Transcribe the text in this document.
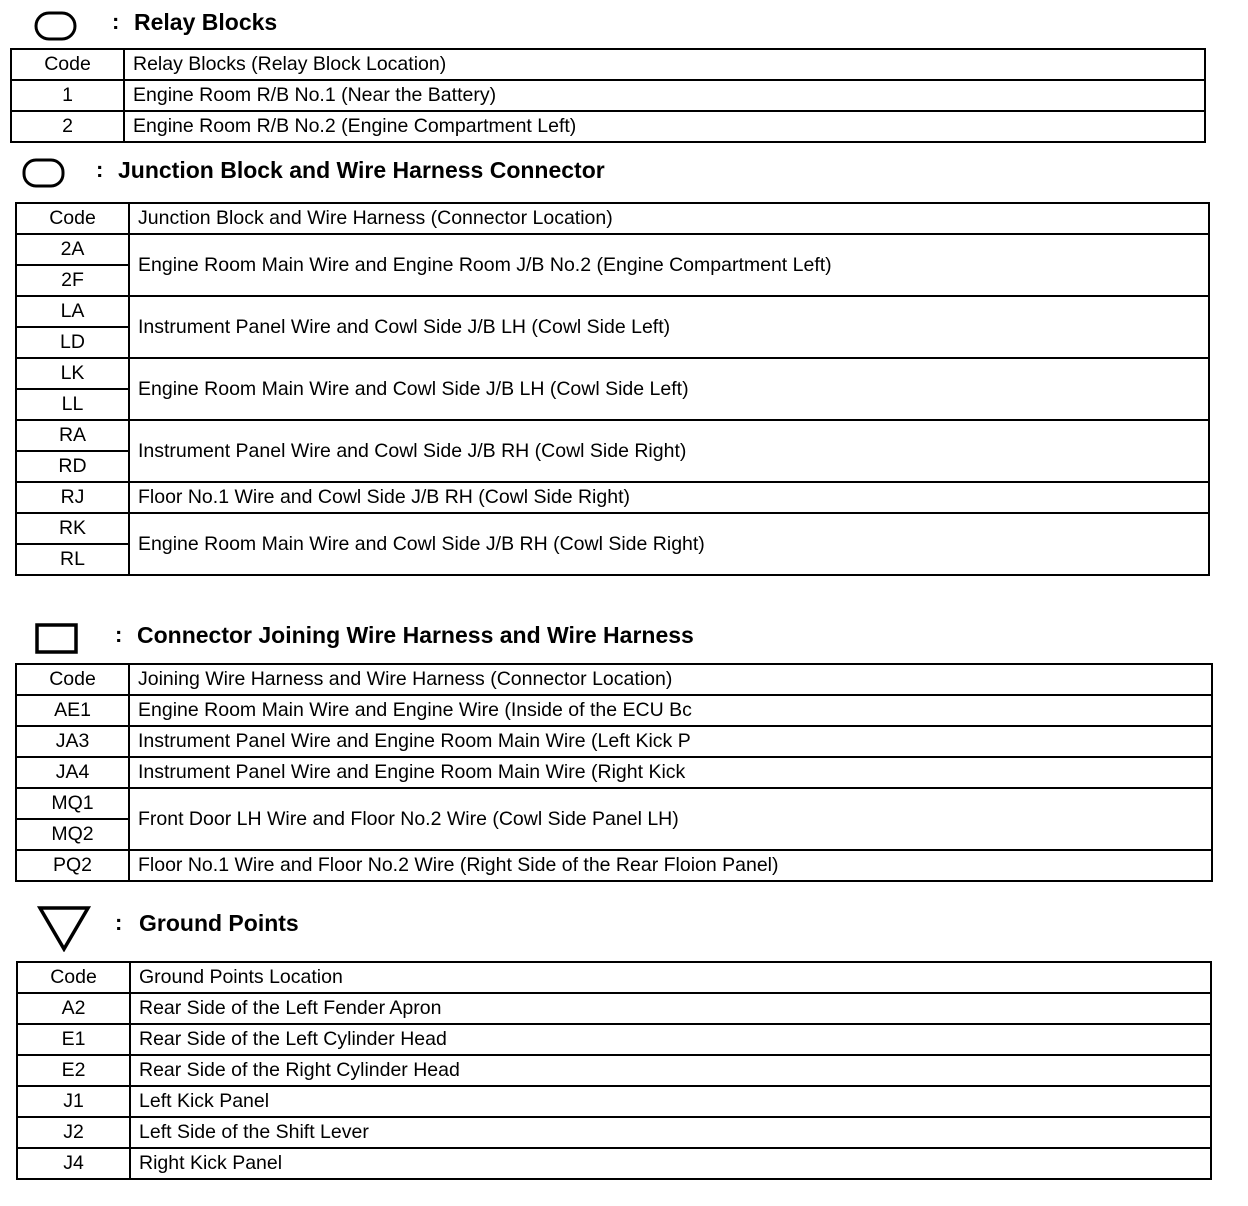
: Relay Blocks
Code	Relay Blocks (Relay Block Location)
1	Engine Room R/B No.1 (Near the Battery)
2	Engine Room R/B No.2 (Engine Compartment Left)
: Junction Block and Wire Harness Connector
Code	Junction Block and Wire Harness (Connector Location)
2A	Engine Room Main Wire and Engine Room J/B No.2 (Engine Compartment Left)
2F	
LA	Instrument Panel Wire and Cowl Side J/B LH (Cowl Side Left)
LD	
LK	Engine Room Main Wire and Cowl Side J/B LH (Cowl Side Left)
LL	
RA	Instrument Panel Wire and Cowl Side J/B RH (Cowl Side Right)
RD	
RJ	Floor No.1 Wire and Cowl Side J/B RH (Cowl Side Right)
RK	Engine Room Main Wire and Cowl Side J/B RH (Cowl Side Right)
RL	
: Connector Joining Wire Harness and Wire Harness
Code	Joining Wire Harness and Wire Harness (Connector Location)
AE1	Engine Room Main Wire and Engine Wire (Inside of the ECU Bc

JA3	Instrument Panel Wire and Engine Room Main Wire (Left Kick P

JA4	Instrument Panel Wire and Engine Room Main Wire (Right Kick

MQ1	Front Door LH Wire and Floor No.2 Wire (Cowl Side Panel LH)
MQ2	
PQ2	Floor No.1 Wire and Floor No.2 Wire (Right Side of the Rear Floion Panel)
: Ground Points
Code	Ground Points Location
A2	Rear Side of the Left Fender Apron
E1	Rear Side of the Left Cylinder Head
E2	Rear Side of the Right Cylinder Head
J1	Left Kick Panel
J2	Left Side of the Shift Lever
J4	Right Kick Panel
